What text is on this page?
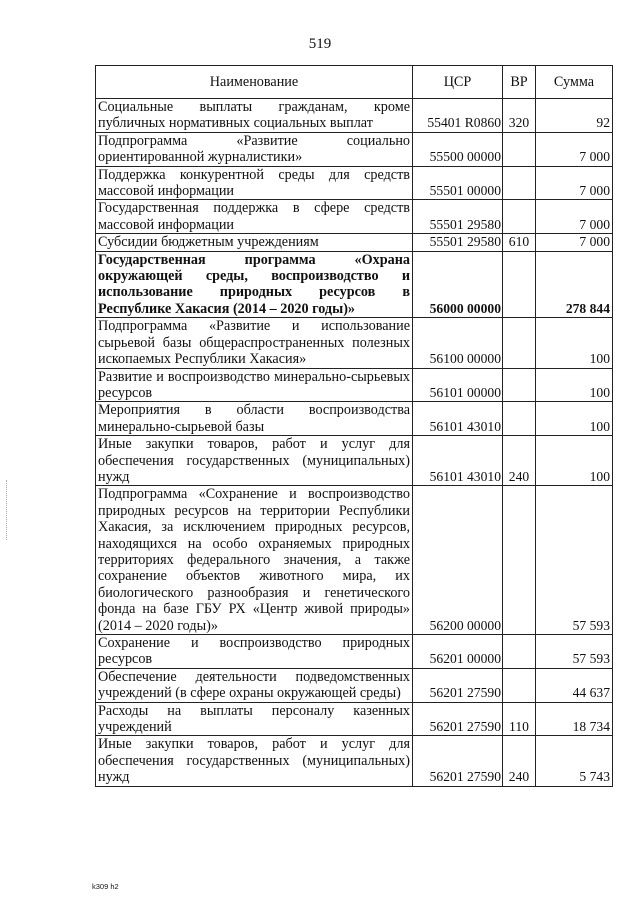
519
Наименование	ЦСР	ВР	Сумма
Социальные выплаты гражданам, кроме публичных нормативных социальных выплат	55401 R0860	320	92
Подпрограмма «Развитие социально ориентированной журналистики»	55500 00000		7 000
Поддержка конкурентной среды для средств массовой информации	55501 00000		7 000
Государственная поддержка в сфере средств массовой информации	55501 29580		7 000
Субсидии бюджетным учреждениям	55501 29580	610	7 000
Государственная программа «Охрана окружающей среды, воспроизводство и использование природных ресурсов в Республике Хакасия (2014 – 2020 годы)»	56000 00000		278 844
Подпрограмма «Развитие и использование сырьевой базы общераспространенных полезных ископаемых Республики Хакасия»	56100 00000		100
Развитие и воспроизводство минерально-сырьевых ресурсов	56101 00000		100
Мероприятия в области воспроизводства минерально-сырьевой базы	56101 43010		100
Иные закупки товаров, работ и услуг для обеспечения государственных (муниципальных) нужд	56101 43010	240	100
Подпрограмма «Сохранение и воспроизводство природных ресурсов на территории Республики Хакасия, за исключением природных ресурсов, находящихся на особо охраняемых природных территориях федерального значения, а также сохранение объектов животного мира, их биологического разнообразия и генетического фонда на базе ГБУ РХ «Центр живой природы» (2014 – 2020 годы)»	56200 00000		57 593
Сохранение и воспроизводство природных ресурсов	56201 00000		57 593
Обеспечение деятельности подведомственных учреждений (в сфере охраны окружающей среды)	56201 27590		44 637
Расходы на выплаты персоналу казенных учреждений	56201 27590	110	18 734
Иные закупки товаров, работ и услуг для обеспечения государственных (муниципальных) нужд	56201 27590	240	5 743
k309 h2
